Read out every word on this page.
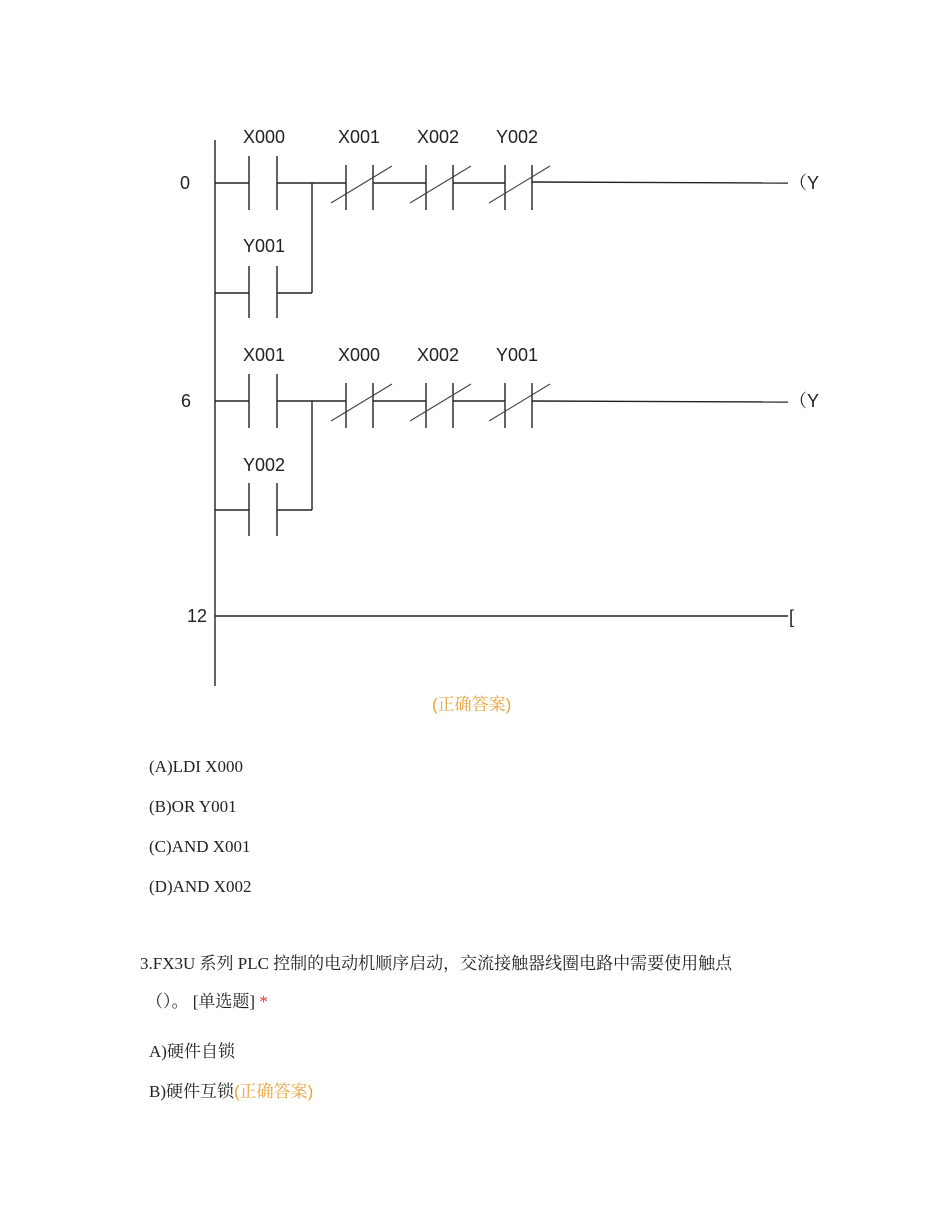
0
X000	X001 X002 Y002
Y001
（Y
6
X001	X000 X002 Y001
Y002
（Y
12	[
(正确答案)
(A)LDI X000
(B)OR Y001
(C)AND X001
(D)AND X002
3.FX3U 系列 PLC 控制的电动机顺序启动，交流接触器线圈电路中需要使用触点
（）。 [单选题] *
A)硬件自锁
B)硬件互锁(正确答案)
